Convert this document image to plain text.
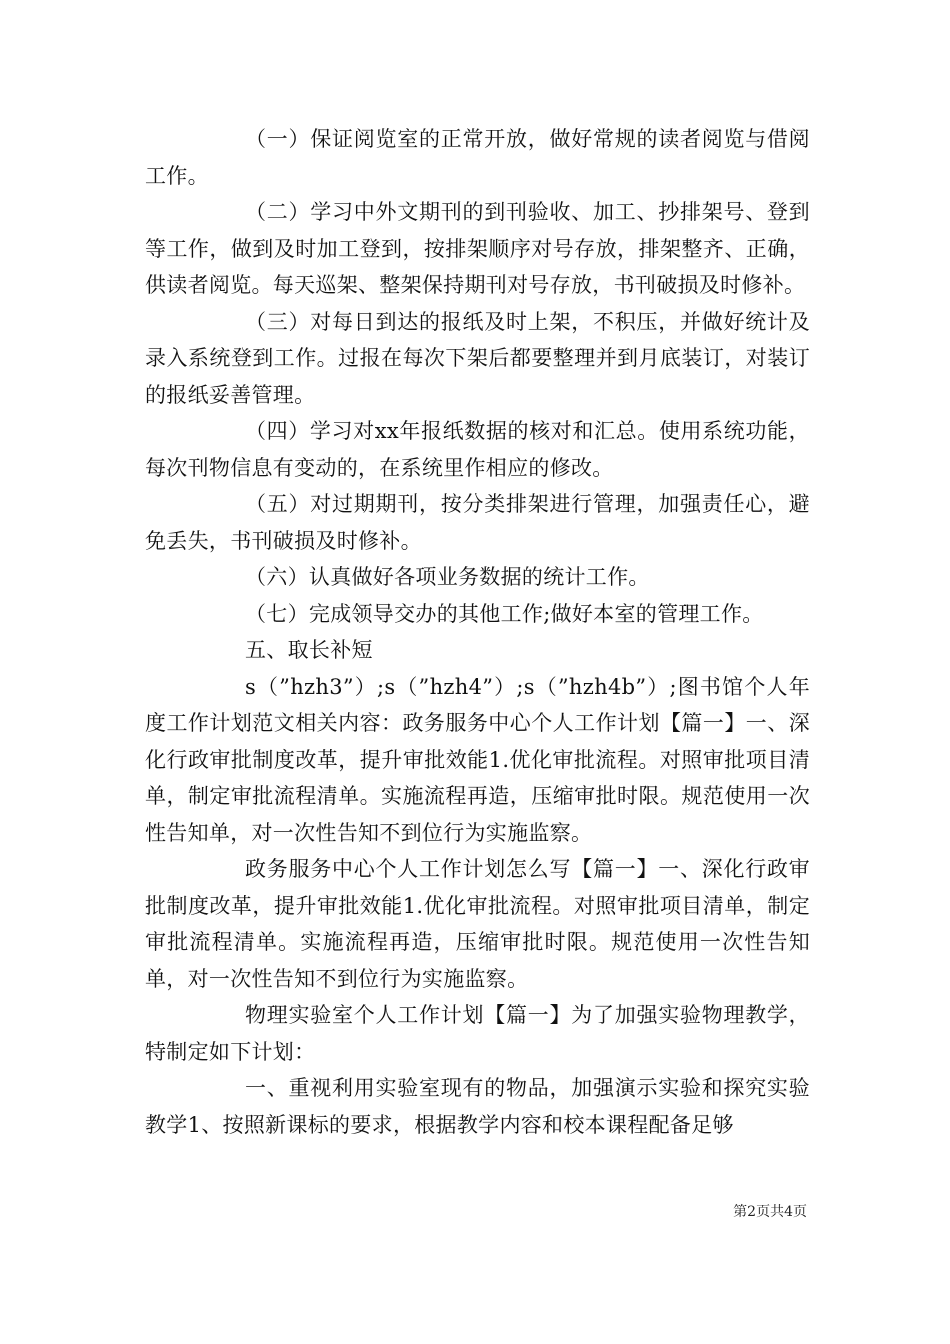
（一）保证阅览室的正常开放，做好常规的读者阅览与借阅工作。

（二）学习中外文期刊的到刊验收、加工、抄排架号、登到等工作，做到及时加工登到，按排架顺序对号存放，排架整齐、正确，供读者阅览。每天巡架、整架保持期刊对号存放，书刊破损及时修补。

（三）对每日到达的报纸及时上架，不积压，并做好统计及录入系统登到工作。过报在每次下架后都要整理并到月底装订，对装订的报纸妥善管理。

（四）学习对xx年报纸数据的核对和汇总。使用系统功能，每次刊物信息有变动的，在系统里作相应的修改。

（五）对过期期刊，按分类排架进行管理，加强责任心，避免丢失，书刊破损及时修补。

（六）认真做好各项业务数据的统计工作。

（七）完成领导交办的其他工作;做好本室的管理工作。

五、取长补短

s（”hzh3”）;s（”hzh4”）;s（”hzh4b”）;图书馆个人年度工作计划范文相关内容：政务服务中心个人工作计划【篇一】一、深化行政审批制度改革，提升审批效能1.优化审批流程。对照审批项目清单，制定审批流程清单。实施流程再造，压缩审批时限。规范使用一次性告知单，对一次性告知不到位行为实施监察。

政务服务中心个人工作计划怎么写【篇一】一、深化行政审批制度改革，提升审批效能1.优化审批流程。对照审批项目清单，制定审批流程清单。实施流程再造，压缩审批时限。规范使用一次性告知单，对一次性告知不到位行为实施监察。

物理实验室个人工作计划【篇一】为了加强实验物理教学，特制定如下计划：

一、重视利用实验室现有的物品，加强演示实验和探究实验教学1、按照新课标的要求，根据教学内容和校本课程配备足够

第2页共4页
